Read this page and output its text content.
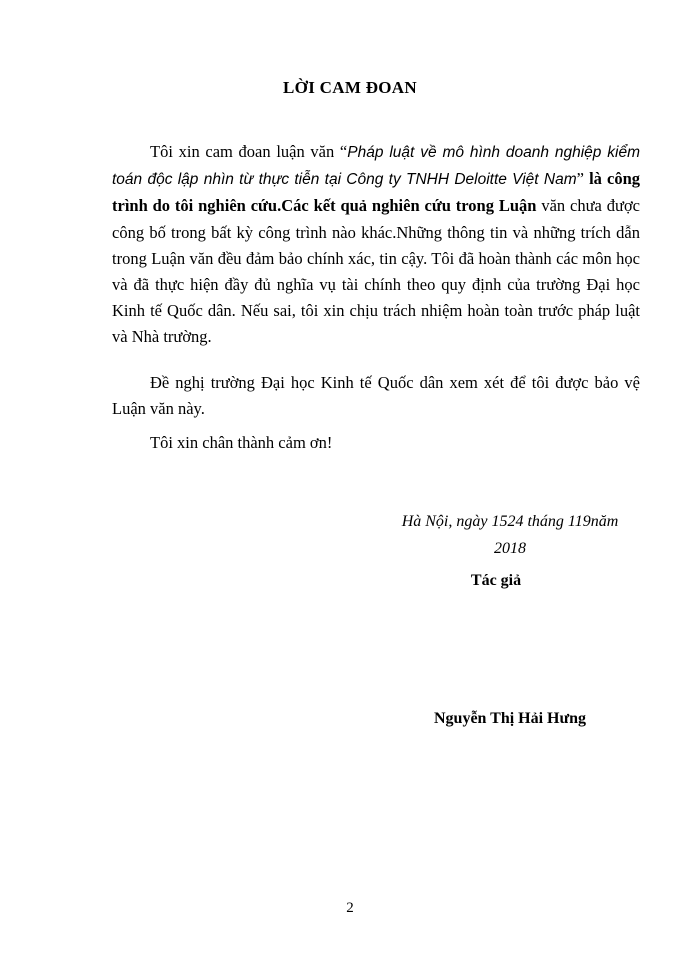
LỜI CAM ĐOAN
Tôi xin cam đoan luận văn “Pháp luật về mô hình doanh nghiệp kiểm toán độc lập nhìn từ thực tiễn tại Công ty TNHH Deloitte Việt Nam” là công trình do tôi nghiên cứu.Các kết quả nghiên cứu trong Luận văn chưa được công bố trong bất kỳ công trình nào khác.Những thông tin và những trích dẫn trong Luận văn đều đảm bảo chính xác, tin cậy. Tôi đã hoàn thành các môn học và đã thực hiện đầy đủ nghĩa vụ tài chính theo quy định của trường Đại học Kinh tế Quốc dân. Nếu sai, tôi xin chịu trách nhiệm hoàn toàn trước pháp luật và Nhà trường.
Đề nghị trường Đại học Kinh tế Quốc dân xem xét để tôi được bảo vệ Luận văn này.
Tôi xin chân thành cảm ơn!
Hà Nội, ngày 1524 tháng 119năm
2018
Tác giả
Nguyễn Thị Hải Hưng
2
